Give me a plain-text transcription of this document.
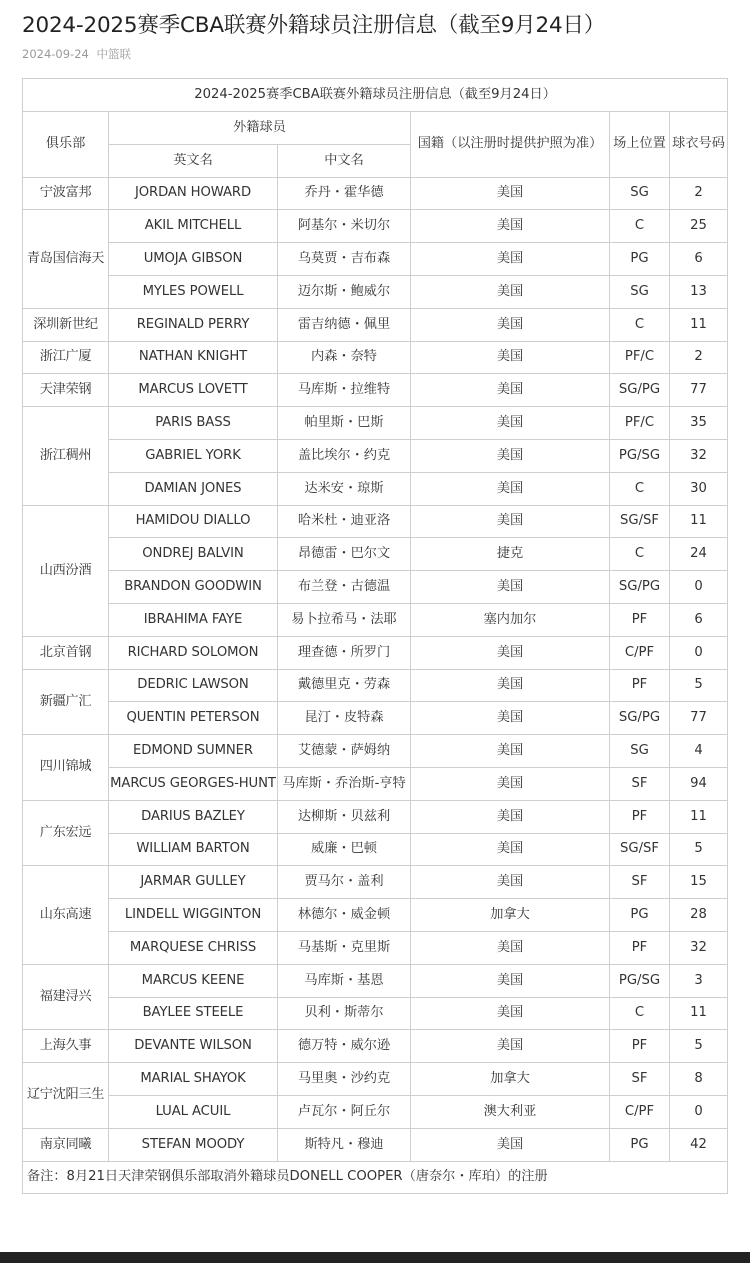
2024-2025赛季CBA联赛外籍球员注册信息（截至9月24日）
2024-09-24 中篮联
2024-2025赛季CBA联赛外籍球员注册信息（截至9月24日）					
俱乐部	外籍球员		国籍（以注册时提供护照为准）	场上位置	球衣号码
	英文名	中文名			
宁波富邦	JORDAN HOWARD	乔丹・霍华德	美国	SG	2
青岛国信海天	AKIL MITCHELL	阿基尔・米切尔	美国	C	25
	UMOJA GIBSON	乌莫贾・吉布森	美国	PG	6
	MYLES POWELL	迈尔斯・鲍威尔	美国	SG	13
深圳新世纪	REGINALD PERRY	雷吉纳德・佩里	美国	C	11
浙江广厦	NATHAN KNIGHT	内森・奈特	美国	PF/C	2
天津荣钢	MARCUS LOVETT	马库斯・拉维特	美国	SG/PG	77
浙江稠州	PARIS BASS	帕里斯・巴斯	美国	PF/C	35
	GABRIEL YORK	盖比埃尔・约克	美国	PG/SG	32
	DAMIAN JONES	达米安・琼斯	美国	C	30
山西汾酒	HAMIDOU DIALLO	哈米杜・迪亚洛	美国	SG/SF	11
	ONDREJ BALVIN	昂德雷・巴尔文	捷克	C	24
	BRANDON GOODWIN	布兰登・古德温	美国	SG/PG	0
	IBRAHIMA FAYE	易卜拉希马・法耶	塞内加尔	PF	6
北京首钢	RICHARD SOLOMON	理查德・所罗门	美国	C/PF	0
新疆广汇	DEDRIC LAWSON	戴德里克・劳森	美国	PF	5
	QUENTIN PETERSON	昆汀・皮特森	美国	SG/PG	77
四川锦城	EDMOND SUMNER	艾德蒙・萨姆纳	美国	SG	4
	MARCUS GEORGES-HUNT	马库斯・乔治斯-亨特	美国	SF	94
广东宏远	DARIUS BAZLEY	达柳斯・贝兹利	美国	PF	11
	WILLIAM BARTON	威廉・巴顿	美国	SG/SF	5
山东高速	JARMAR GULLEY	贾马尔・盖利	美国	SF	15
	LINDELL WIGGINTON	林德尔・威金顿	加拿大	PG	28
	MARQUESE CHRISS	马基斯・克里斯	美国	PF	32
福建浔兴	MARCUS KEENE	马库斯・基恩	美国	PG/SG	3
	BAYLEE STEELE	贝利・斯蒂尔	美国	C	11
上海久事	DEVANTE WILSON	德万特・威尔逊	美国	PF	5
辽宁沈阳三生	MARIAL SHAYOK	马里奥・沙约克	加拿大	SF	8
	LUAL ACUIL	卢瓦尔・阿丘尔	澳大利亚	C/PF	0
南京同曦	STEFAN MOODY	斯特凡・穆迪	美国	PG	42
备注：8月21日天津荣钢俱乐部取消外籍球员DONELL COOPER（唐奈尔・库珀）的注册					
